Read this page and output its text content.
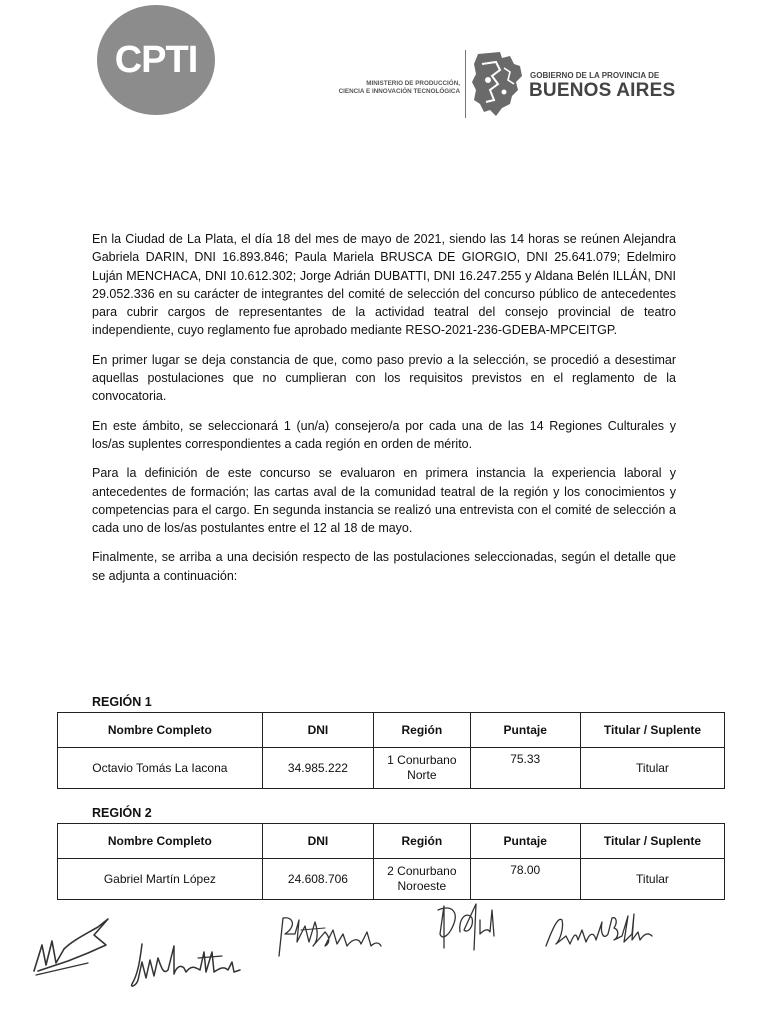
CPTI
MINISTERIO DE PRODUCCIÓN,
CIENCIA E INNOVACIÓN TECNOLÓGICA
GOBIERNO DE LA PROVINCIA DE
BUENOS AIRES

En la Ciudad de La Plata, el día 18 del mes de mayo de 2021, siendo las 14 horas se reúnen Alejandra Gabriela DARIN, DNI 16.893.846; Paula Mariela BRUSCA DE GIORGIO, DNI 25.641.079; Edelmiro Luján MENCHACA, DNI 10.612.302; Jorge Adrián DUBATTI, DNI 16.247.255 y Aldana Belén ILLÁN, DNI 29.052.336 en su carácter de integrantes del comité de selección del concurso público de antecedentes para cubrir cargos de representantes de la actividad teatral del consejo provincial de teatro independiente, cuyo reglamento fue aprobado mediante RESO-2021-236-GDEBA-MPCEITGP.

En primer lugar se deja constancia de que, como paso previo a la selección, se procedió a desestimar aquellas postulaciones que no cumplieran con los requisitos previstos en el reglamento de la convocatoria.

En este ámbito, se seleccionará 1 (un/a) consejero/a por cada una de las 14 Regiones Culturales y los/as suplentes correspondientes a cada región en orden de mérito.

Para la definición de este concurso se evaluaron en primera instancia la experiencia laboral y antecedentes de formación; las cartas aval de la comunidad teatral de la región y los conocimientos y competencias para el cargo. En segunda instancia se realizó una entrevista con el comité de selección a cada uno de los/as postulantes entre el 12 al 18 de mayo.

Finalmente, se arriba a una decisión respecto de las postulaciones seleccionadas, según el detalle que se adjunta a continuación:

REGIÓN 1
Nombre Completo	DNI	Región	Puntaje	Titular / Suplente
Octavio Tomás La Iacona	34.985.222	1 Conurbano
Norte	75.33	Titular
REGIÓN 2
Nombre Completo	DNI	Región	Puntaje	Titular / Suplente
Gabriel Martín López	24.608.706	2 Conurbano
Noroeste	78.00	Titular
